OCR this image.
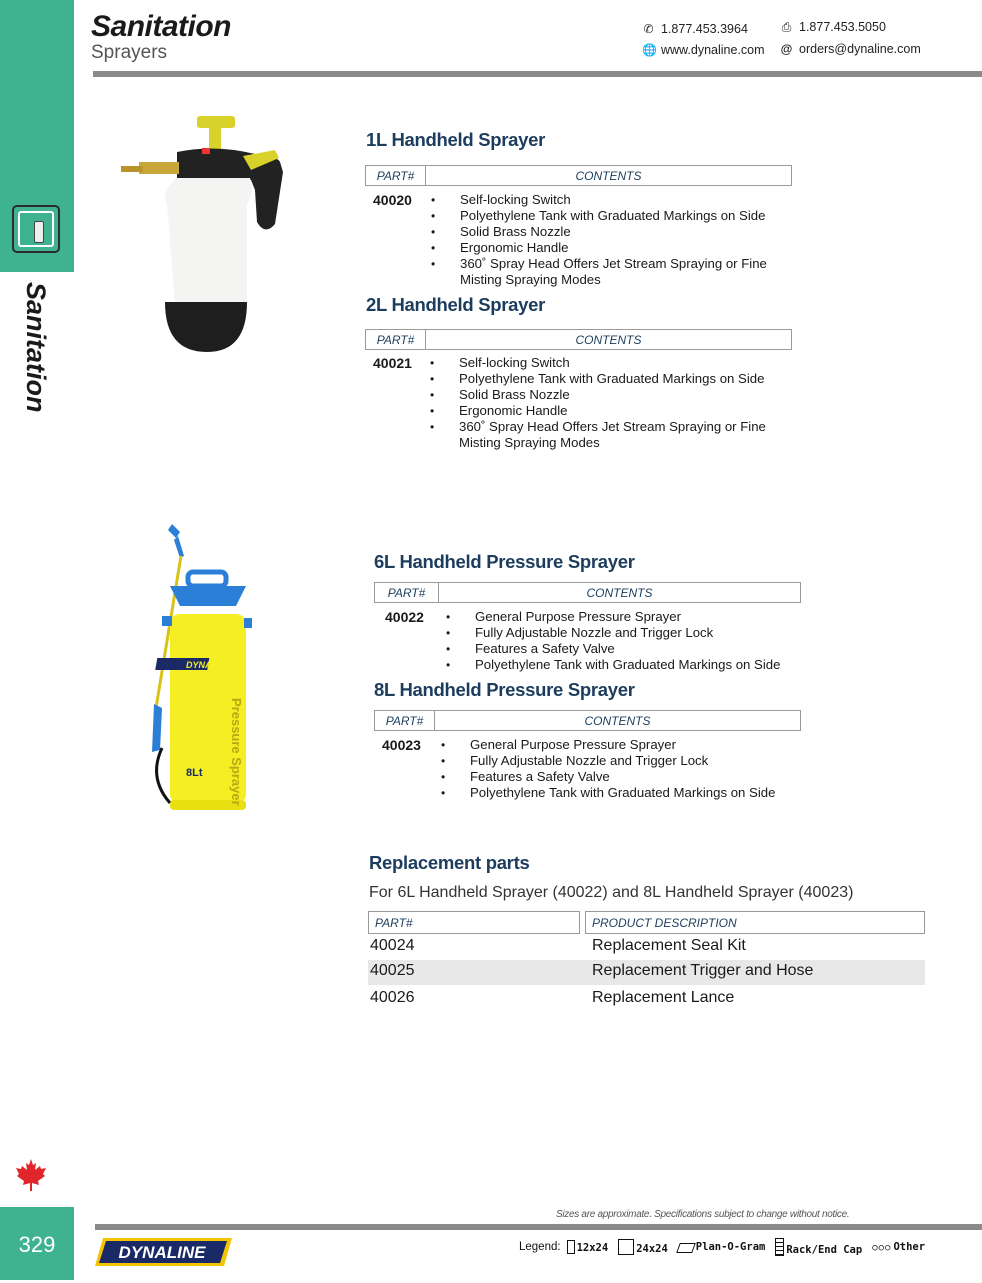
Sanitation
329
Sanitation
Sprayers
✆ 1.877.453.3964	⎙ 1.877.453.5050
🌐 www.dynaline.com @ orders@dynaline.com
DYNALINE
8Lt Pressure Sprayer
1L Handheld Sprayer
PART#	CONTENTS
40020	• Self-locking Switch
• Polyethylene Tank with Graduated Markings on Side
• Solid Brass Nozzle
• Ergonomic Handle
• 360˚ Spray Head Offers Jet Stream Spraying or Fine
Misting Spraying Modes
2L Handheld Sprayer
PART#	CONTENTS
40021	• Self-locking Switch
• Polyethylene Tank with Graduated Markings on Side
• Solid Brass Nozzle
• Ergonomic Handle
• 360˚ Spray Head Offers Jet Stream Spraying or Fine
Misting Spraying Modes
6L Handheld Pressure Sprayer
PART#	CONTENTS
40022	• General Purpose Pressure Sprayer
• Fully Adjustable Nozzle and Trigger Lock
• Features a Safety Valve
• Polyethylene Tank with Graduated Markings on Side
8L Handheld Pressure Sprayer
PART#	CONTENTS
40023	• General Purpose Pressure Sprayer
• Fully Adjustable Nozzle and Trigger Lock
• Features a Safety Valve
• Polyethylene Tank with Graduated Markings on Side
Replacement parts
For 6L Handheld Sprayer (40022) and 8L Handheld Sprayer (40023)
PART#	PRODUCT DESCRIPTION
40024	Replacement Seal Kit
40025	Replacement Trigger and Hose
40026	Replacement Lance
Sizes are approximate. Specifications subject to change without notice.
DYNALINE	Legend: 12x24	24x24	Plan-O-Gram Rack/End Cap ○○○ Other
